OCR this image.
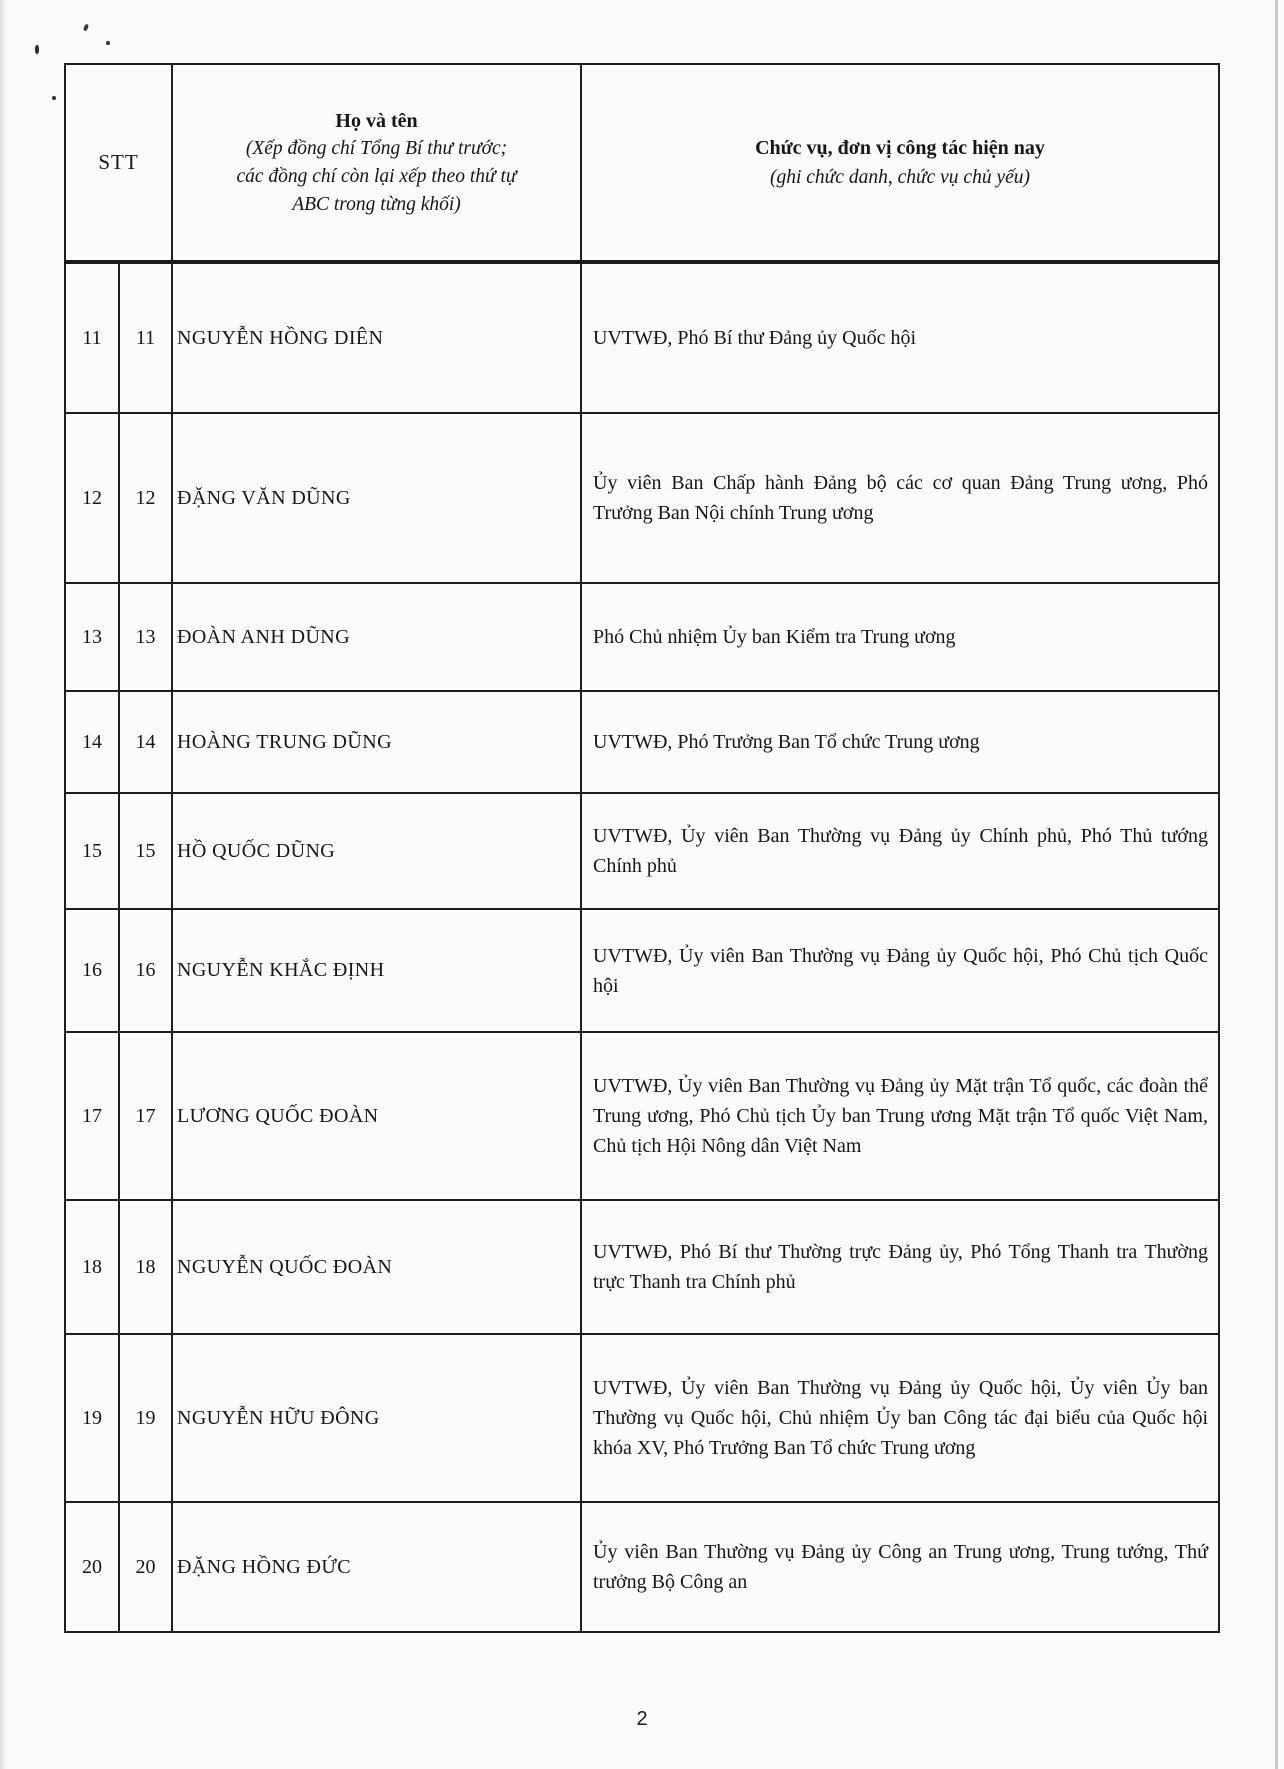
STT	
Họ và tên
(Xếp đồng chí Tổng Bí thư trước;
các đồng chí còn lại xếp theo thứ tự
ABC trong từng khối)

Chức vụ, đơn vị công tác hiện nay
(ghi chức danh, chức vụ chủ yếu)

11	11	NGUYỄN HỒNG DIÊN	UVTWĐ, Phó Bí thư Đảng ủy Quốc hội
12	12	ĐẶNG VĂN DŨNG	Ủy viên Ban Chấp hành Đảng bộ các cơ quan Đảng Trung ương, Phó Trưởng Ban Nội chính Trung ương
13	13	ĐOÀN ANH DŨNG	Phó Chủ nhiệm Ủy ban Kiểm tra Trung ương
14	14	HOÀNG TRUNG DŨNG	UVTWĐ, Phó Trưởng Ban Tổ chức Trung ương
15	15	HỒ QUỐC DŨNG	UVTWĐ, Ủy viên Ban Thường vụ Đảng ủy Chính phủ, Phó Thủ tướng Chính phủ
16	16	NGUYỄN KHẮC ĐỊNH	UVTWĐ, Ủy viên Ban Thường vụ Đảng ủy Quốc hội, Phó Chủ tịch Quốc hội
17	17	LƯƠNG QUỐC ĐOÀN	UVTWĐ, Ủy viên Ban Thường vụ Đảng ủy Mặt trận Tổ quốc, các đoàn thể Trung ương, Phó Chủ tịch Ủy ban Trung ương Mặt trận Tổ quốc Việt Nam, Chủ tịch Hội Nông dân Việt Nam
18	18	NGUYỄN QUỐC ĐOÀN	UVTWĐ, Phó Bí thư Thường trực Đảng ủy, Phó Tổng Thanh tra Thường trực Thanh tra Chính phủ
19	19	NGUYỄN HỮU ĐÔNG	UVTWĐ, Ủy viên Ban Thường vụ Đảng ủy Quốc hội, Ủy viên Ủy ban Thường vụ Quốc hội, Chủ nhiệm Ủy ban Công tác đại biểu của Quốc hội khóa XV, Phó Trưởng Ban Tổ chức Trung ương
20	20	ĐẶNG HỒNG ĐỨC	Ủy viên Ban Thường vụ Đảng ủy Công an Trung ương, Trung tướng, Thứ trưởng Bộ Công an
2
